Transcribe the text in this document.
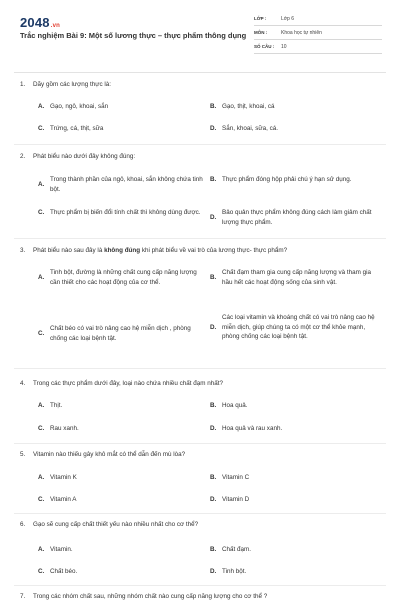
2048.vn
Trắc nghiệm Bài 9: Một số lương thực – thực phẩm thông dụng
LỚP :	Lớp 6
MÔN :	Khoa học tự nhiên
SỐ CÂU :	10
1.	Dãy gồm các lượng thực là:
A. Gạo, ngô, khoai, sắn	B. Gạo, thịt, khoai, cá
C. Trứng, cá, thịt, sữa	D. Sắn, khoai, sữa, cá.
2.	Phát biểu nào dưới đây không đúng:
A.
Trong thành phần của ngô, khoai, sắn không chứa tinh bột.
B. Thực phẩm đóng hộp phải chú ý hạn sử dụng.
C. Thực phẩm bị biến đổi tính chất thì không dùng được.
D.
Bảo quản thực phẩm không đúng cách làm giảm chất lượng thực phẩm.
3.	Phát biểu nào sau đây là không đúng khi phát biểu về vai trò của lương thực- thực phẩm?
A.
Tinh bột, đường là những chất cung cấp năng lượng cần thiết cho các hoạt động của cơ thể.
B.
Chất đạm tham gia cung cấp năng lượng và tham gia hầu hết các hoạt động sống của sinh vật.
C.
Chất béo có vai trò nâng cao hệ miễn dịch , phòng chống các loại bệnh tật.
D.
Các loại vitamin và khoáng chất có vai trò nâng cao hệ miễn dịch, giúp chúng ta có một cơ thể khỏe mạnh, phòng chống các loại bệnh tật.
4.	Trong các thực phẩm dưới đây, loại nào chứa nhiều chất đạm nhất?
A. Thịt.	B. Hoa quả.
C. Rau xanh.	D. Hoa quả và rau xanh.
5.	Vitamin nào thiếu gây khô mắt có thể dẫn đến mù lòa?
A. Vitamin K	B. Vitamin C
C. Vitamin A	D. Vitamin D
6.	Gạo sẽ cung cấp chất thiết yếu nào nhiều nhất cho cơ thể?
A. Vitamin.	B. Chất đạm.
C. Chất béo.	D. Tinh bột.
7.	Trong các nhóm chất sau, những nhóm chất nào cung cấp năng lượng cho cơ thể ?
